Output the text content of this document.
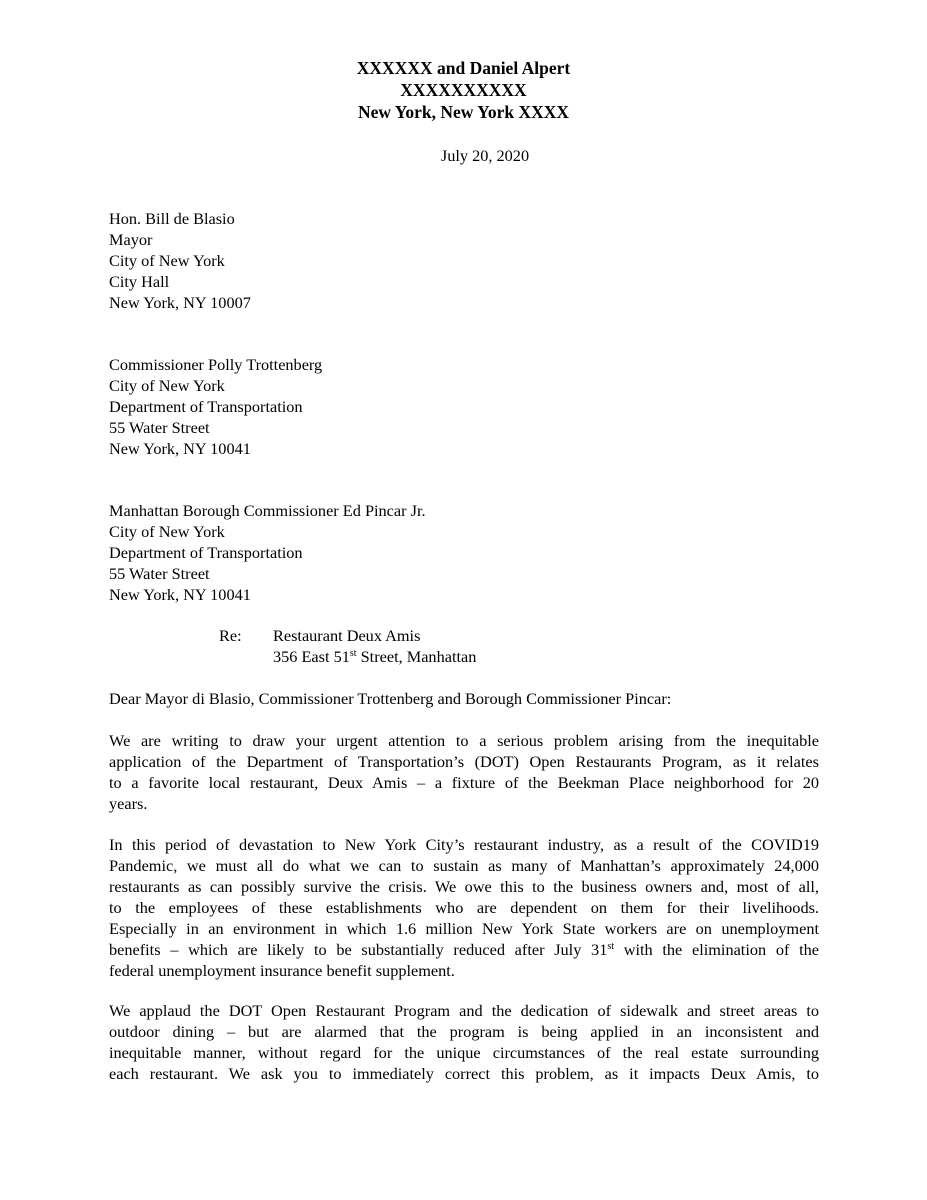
XXXXXX and Daniel Alpert
XXXXXXXXXX
New York, New York XXXX
July 20, 2020
Hon. Bill de Blasio
Mayor
City of New York
City Hall
New York, NY 10007
Commissioner Polly Trottenberg
City of New York
Department of Transportation
55 Water Street
New York, NY 10041
Manhattan Borough Commissioner Ed Pincar Jr.
City of New York
Department of Transportation
55 Water Street
New York, NY 10041
Re: Restaurant Deux Amis
356 East 51st Street, Manhattan
Dear Mayor di Blasio, Commissioner Trottenberg and Borough Commissioner Pincar:
We are writing to draw your urgent attention to a serious problem arising from the inequitable
application of the Department of Transportation’s (DOT) Open Restaurants Program, as it relates
to a favorite local restaurant, Deux Amis – a fixture of the Beekman Place neighborhood for 20
years.
In this period of devastation to New York City’s restaurant industry, as a result of the COVID19
Pandemic, we must all do what we can to sustain as many of Manhattan’s approximately 24,000
restaurants as can possibly survive the crisis. We owe this to the business owners and, most of all,
to the employees of these establishments who are dependent on them for their livelihoods.
Especially in an environment in which 1.6 million New York State workers are on unemployment
benefits – which are likely to be substantially reduced after July 31st with the elimination of the
federal unemployment insurance benefit supplement.
We applaud the DOT Open Restaurant Program and the dedication of sidewalk and street areas to
outdoor dining – but are alarmed that the program is being applied in an inconsistent and
inequitable manner, without regard for the unique circumstances of the real estate surrounding
each restaurant. We ask you to immediately correct this problem, as it impacts Deux Amis, to
